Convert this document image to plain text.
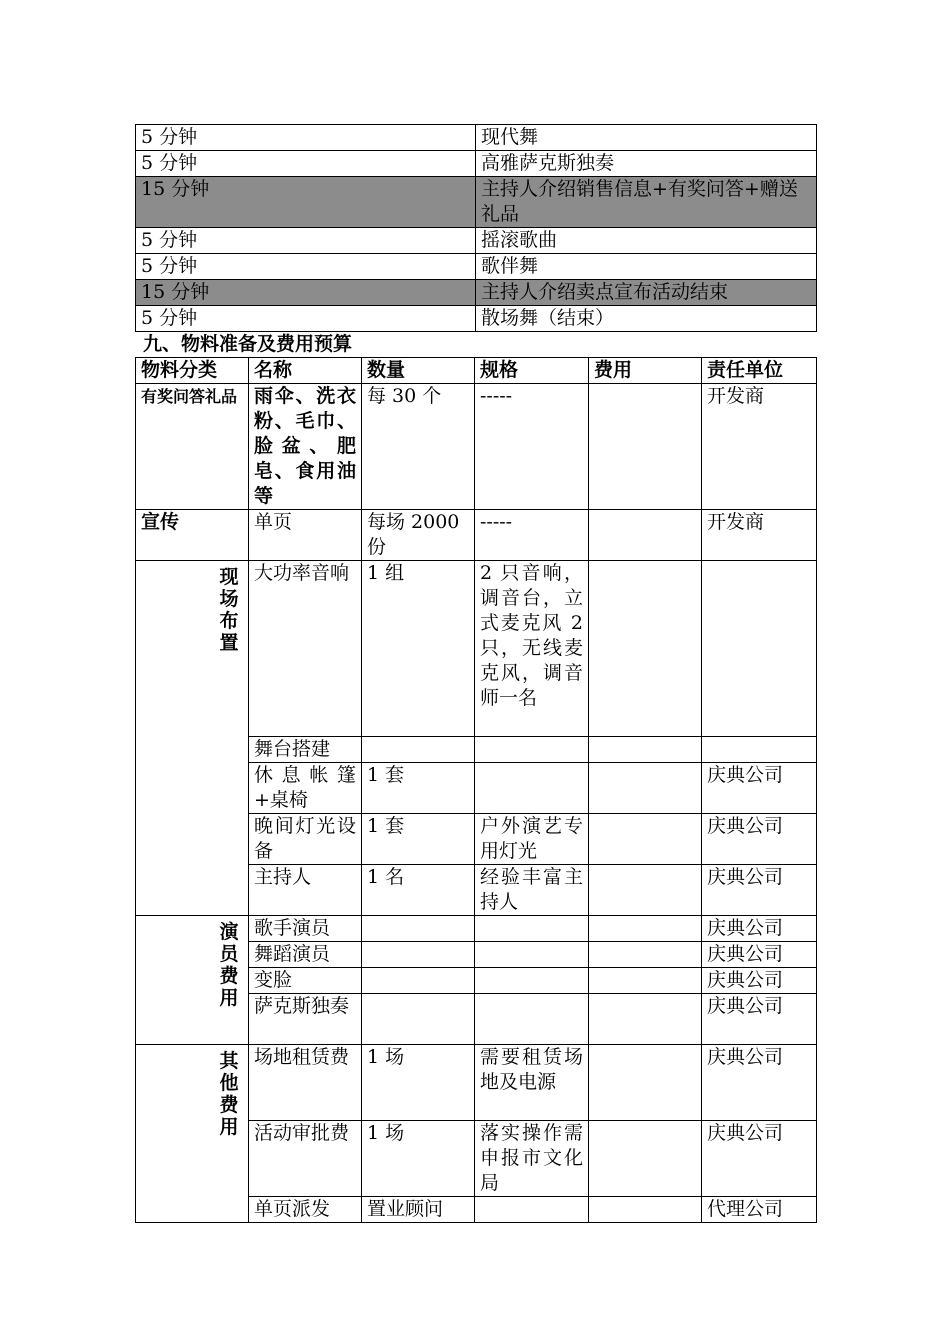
5 分钟	现代舞
5 分钟	高雅萨克斯独奏
15 分钟	主持人介绍销售信息+有奖问答+赠送礼品
5 分钟	摇滚歌曲
5 分钟	歌伴舞
15 分钟	主持人介绍卖点宣布活动结束
5 分钟	散场舞（结束）
九、物料准备及费用预算
物料分类	名称	数量	规格	费用	责任单位
有奖问答礼品	雨伞、洗衣粉、毛巾、脸盆、肥皂、食用油等	每 30 个	-----		开发商
宣传	单页	每场 2000 份	-----		开发商
现场布置	大功率音响	1 组	2 只音响，调音台，立式麦克风 2 只，无线麦克风，调音师一名		
	舞台搭建				
	休息帐篷+桌椅	1 套			庆典公司
	晚间灯光设备	1 套	户外演艺专用灯光		庆典公司
	主持人	1 名	经验丰富主持人		庆典公司
演员费用	歌手演员				庆典公司
	舞蹈演员				庆典公司
	变脸				庆典公司
	萨克斯独奏				庆典公司
其他费用	场地租赁费	1 场	需要租赁场地及电源		庆典公司
	活动审批费	1 场	落实操作需申报市文化局		庆典公司
	单页派发	置业顾问			代理公司
